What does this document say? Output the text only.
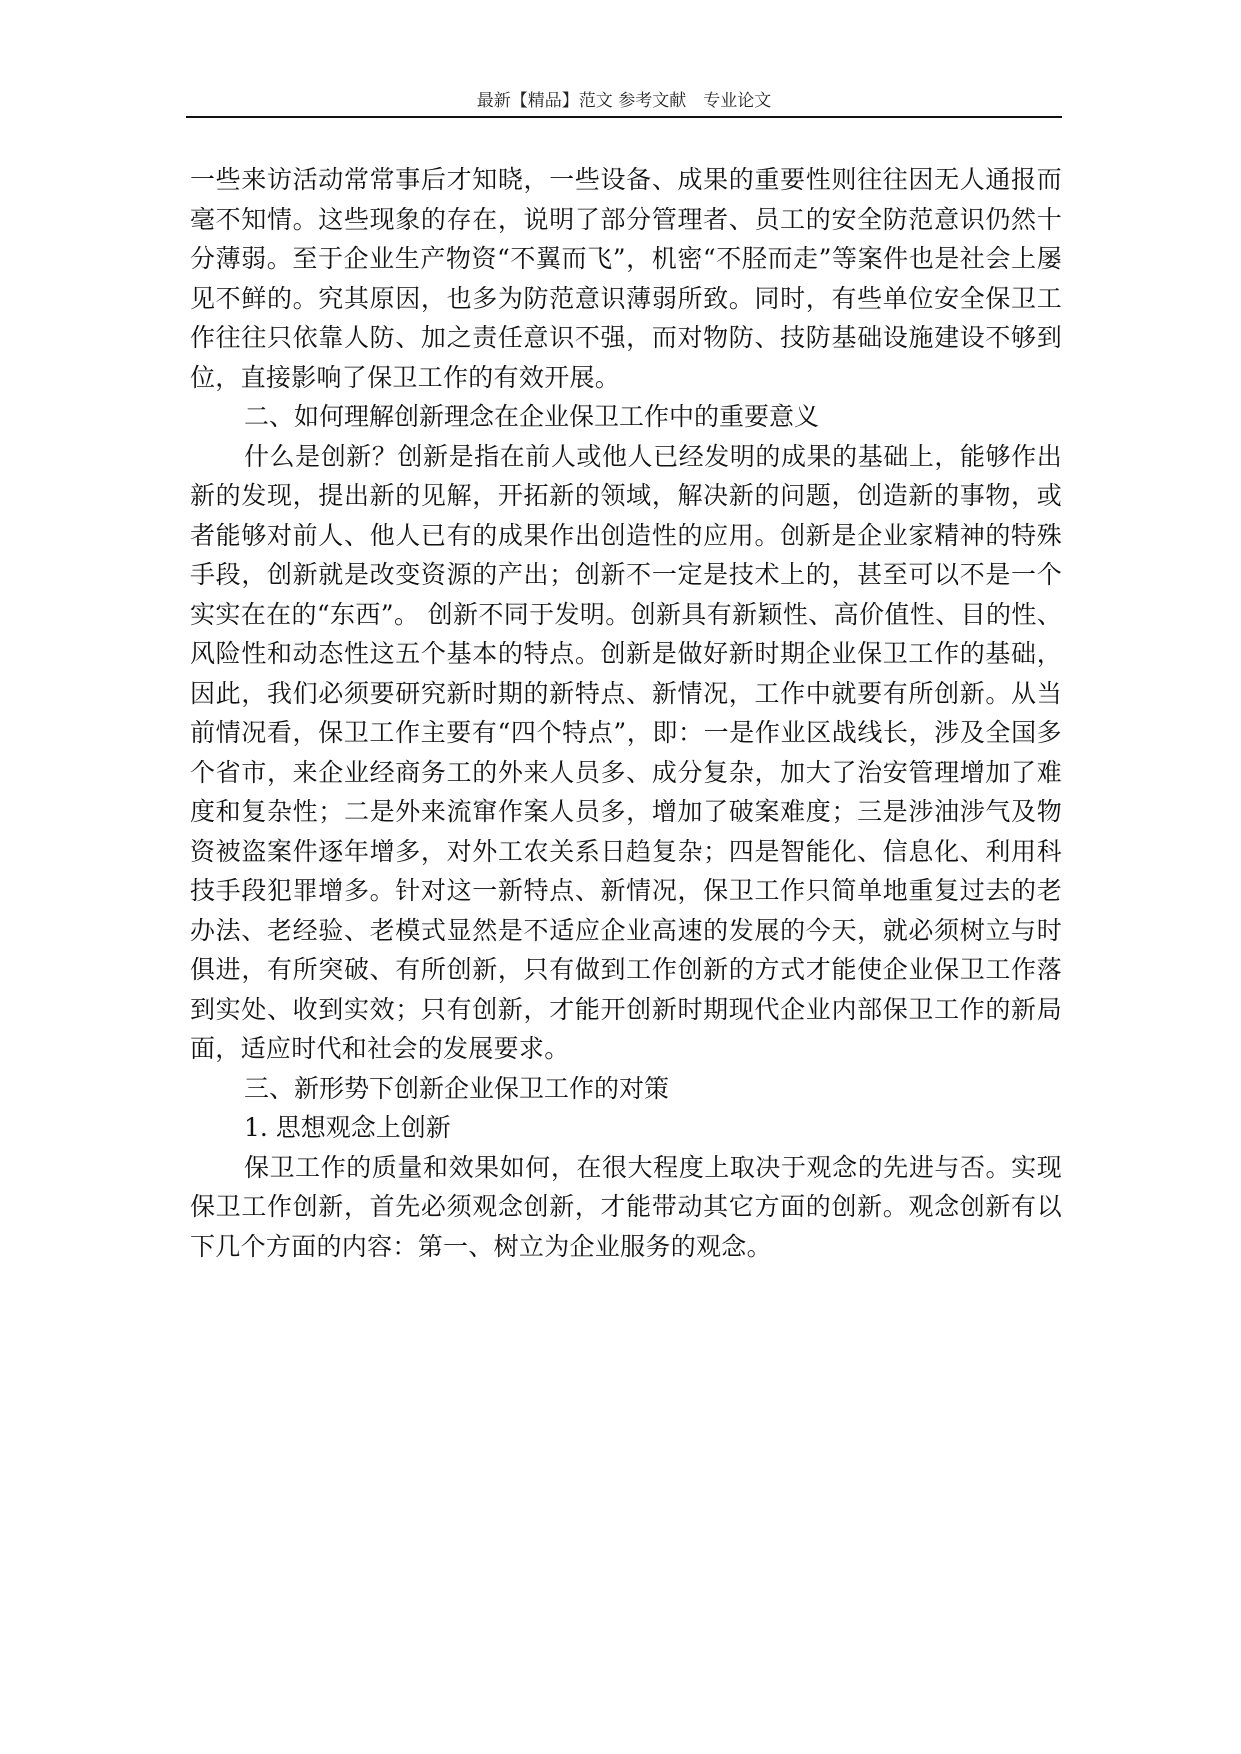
最新【精品】范文 参考文献　专业论文

一些来访活动常常事后才知晓，一些设备、成果的重要性则往往因无人通报而毫不知情。这些现象的存在，说明了部分管理者、员工的安全防范意识仍然十分薄弱。至于企业生产物资“不翼而飞”，机密“不胫而走”等案件也是社会上屡见不鲜的。究其原因，也多为防范意识薄弱所致。同时，有些单位安全保卫工作往往只依靠人防、加之责任意识不强，而对物防、技防基础设施建设不够到位，直接影响了保卫工作的有效开展。

二、如何理解创新理念在企业保卫工作中的重要意义

什么是创新？创新是指在前人或他人已经发明的成果的基础上，能够作出新的发现，提出新的见解，开拓新的领域，解决新的问题，创造新的事物，或者能够对前人、他人已有的成果作出创造性的应用。创新是企业家精神的特殊手段，创新就是改变资源的产出；创新不一定是技术上的，甚至可以不是一个实实在在的“东西”。 创新不同于发明。创新具有新颖性、高价值性、目的性、风险性和动态性这五个基本的特点。创新是做好新时期企业保卫工作的基础，因此，我们必须要研究新时期的新特点、新情况，工作中就要有所创新。从当前情况看，保卫工作主要有“四个特点”，即：一是作业区战线长，涉及全国多个省市，来企业经商务工的外来人员多、成分复杂，加大了治安管理增加了难度和复杂性；二是外来流窜作案人员多，增加了破案难度；三是涉油涉气及物资被盗案件逐年增多，对外工农关系日趋复杂；四是智能化、信息化、利用科技手段犯罪增多。针对这一新特点、新情况，保卫工作只简单地重复过去的老办法、老经验、老模式显然是不适应企业高速的发展的今天，就必须树立与时俱进，有所突破、有所创新，只有做到工作创新的方式才能使企业保卫工作落到实处、收到实效；只有创新，才能开创新时期现代企业内部保卫工作的新局面，适应时代和社会的发展要求。

三、新形势下创新企业保卫工作的对策

1. 思想观念上创新

保卫工作的质量和效果如何，在很大程度上取决于观念的先进与否。实现保卫工作创新，首先必须观念创新，才能带动其它方面的创新。观念创新有以下几个方面的内容：第一、树立为企业服务的观念。
